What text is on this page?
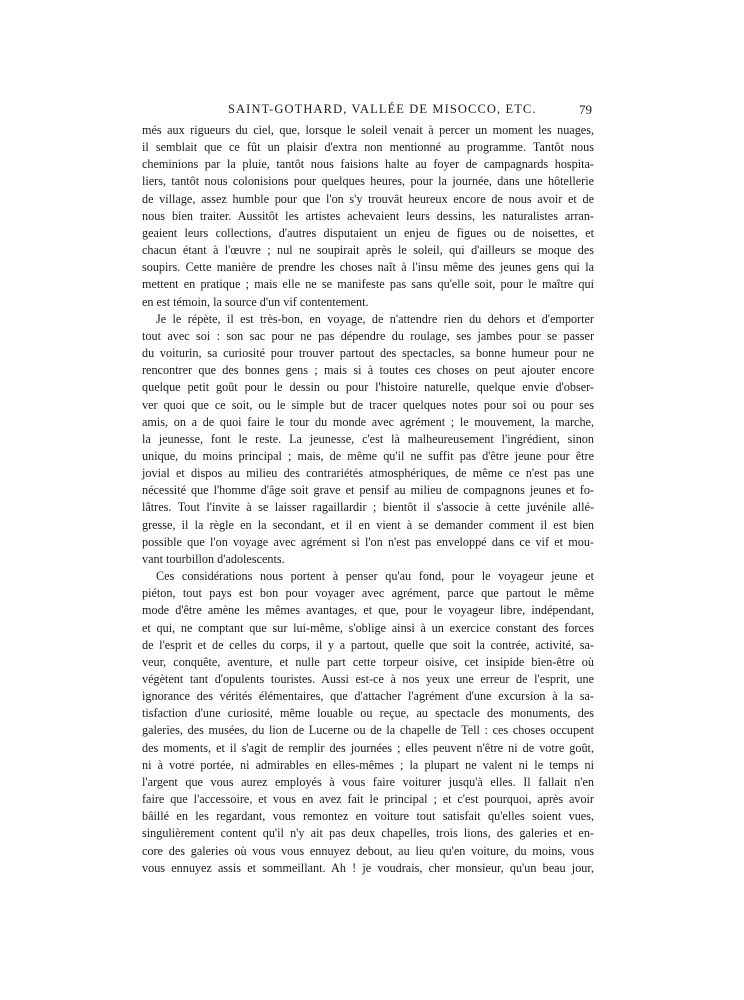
SAINT-GOTHARD, VALLÉE DE MISOCCO, ETC.	79
més aux rigueurs du ciel, que, lorsque le soleil venait à percer un moment les nuages,
il semblait que ce fût un plaisir d'extra non mentionné au programme. Tantôt nous
cheminions par la pluie, tantôt nous faisions halte au foyer de campagnards hospita-
liers, tantôt nous colonisions pour quelques heures, pour la journée, dans une hôtellerie
de village, assez humble pour que l'on s'y trouvât heureux encore de nous avoir et de
nous bien traiter. Aussitôt les artistes achevaient leurs dessins, les naturalistes arran-
geaient leurs collections, d'autres disputaient un enjeu de figues ou de noisettes, et
chacun étant à l'œuvre ; nul ne soupirait après le soleil, qui d'ailleurs se moque des
soupirs. Cette manière de prendre les choses naît à l'insu même des jeunes gens qui la
mettent en pratique ; mais elle ne se manifeste pas sans qu'elle soit, pour le maître qui
en est témoin, la source d'un vif contentement.
Je le répète, il est très-bon, en voyage, de n'attendre rien du dehors et d'emporter
tout avec soi : son sac pour ne pas dépendre du roulage, ses jambes pour se passer
du voiturin, sa curiosité pour trouver partout des spectacles, sa bonne humeur pour ne
rencontrer que des bonnes gens ; mais si à toutes ces choses on peut ajouter encore
quelque petit goût pour le dessin ou pour l'histoire naturelle, quelque envie d'obser-
ver quoi que ce soit, ou le simple but de tracer quelques notes pour soi ou pour ses
amis, on a de quoi faire le tour du monde avec agrément ; le mouvement, la marche,
la jeunesse, font le reste. La jeunesse, c'est là malheureusement l'ingrédient, sinon
unique, du moins principal ; mais, de même qu'il ne suffit pas d'être jeune pour être
jovial et dispos au milieu des contrariétés atmosphériques, de même ce n'est pas une
nécessité que l'homme d'âge soit grave et pensif au milieu de compagnons jeunes et fo-
lâtres. Tout l'invite à se laisser ragaillardir ; bientôt il s'associe à cette juvénile allé-
gresse, il la règle en la secondant, et il en vient à se demander comment il est bien
possible que l'on voyage avec agrément si l'on n'est pas enveloppé dans ce vif et mou-
vant tourbillon d'adolescents.
Ces considérations nous portent à penser qu'au fond, pour le voyageur jeune et
piéton, tout pays est bon pour voyager avec agrément, parce que partout le même
mode d'être amène les mêmes avantages, et que, pour le voyageur libre, indépendant,
et qui, ne comptant que sur lui-même, s'oblige ainsi à un exercice constant des forces
de l'esprit et de celles du corps, il y a partout, quelle que soit la contrée, activité, sa-
veur, conquête, aventure, et nulle part cette torpeur oisive, cet insipide bien-être où
végètent tant d'opulents touristes. Aussi est-ce à nos yeux une erreur de l'esprit, une
ignorance des vérités élémentaires, que d'attacher l'agrément d'une excursion à la sa-
tisfaction d'une curiosité, même louable ou reçue, au spectacle des monuments, des
galeries, des musées, du lion de Lucerne ou de la chapelle de Tell : ces choses occupent
des moments, et il s'agit de remplir des journées ; elles peuvent n'être ni de votre goût,
ni à votre portée, ni admirables en elles-mêmes ; la plupart ne valent ni le temps ni
l'argent que vous aurez employés à vous faire voiturer jusqu'à elles. Il fallait n'en
faire que l'accessoire, et vous en avez fait le principal ; et c'est pourquoi, après avoir
bâillé en les regardant, vous remontez en voiture tout satisfait qu'elles soient vues,
singulièrement content qu'il n'y ait pas deux chapelles, trois lions, des galeries et en-
core des galeries où vous vous ennuyez debout, au lieu qu'en voiture, du moins, vous
vous ennuyez assis et sommeillant. Ah ! je voudrais, cher monsieur, qu'un beau jour,
